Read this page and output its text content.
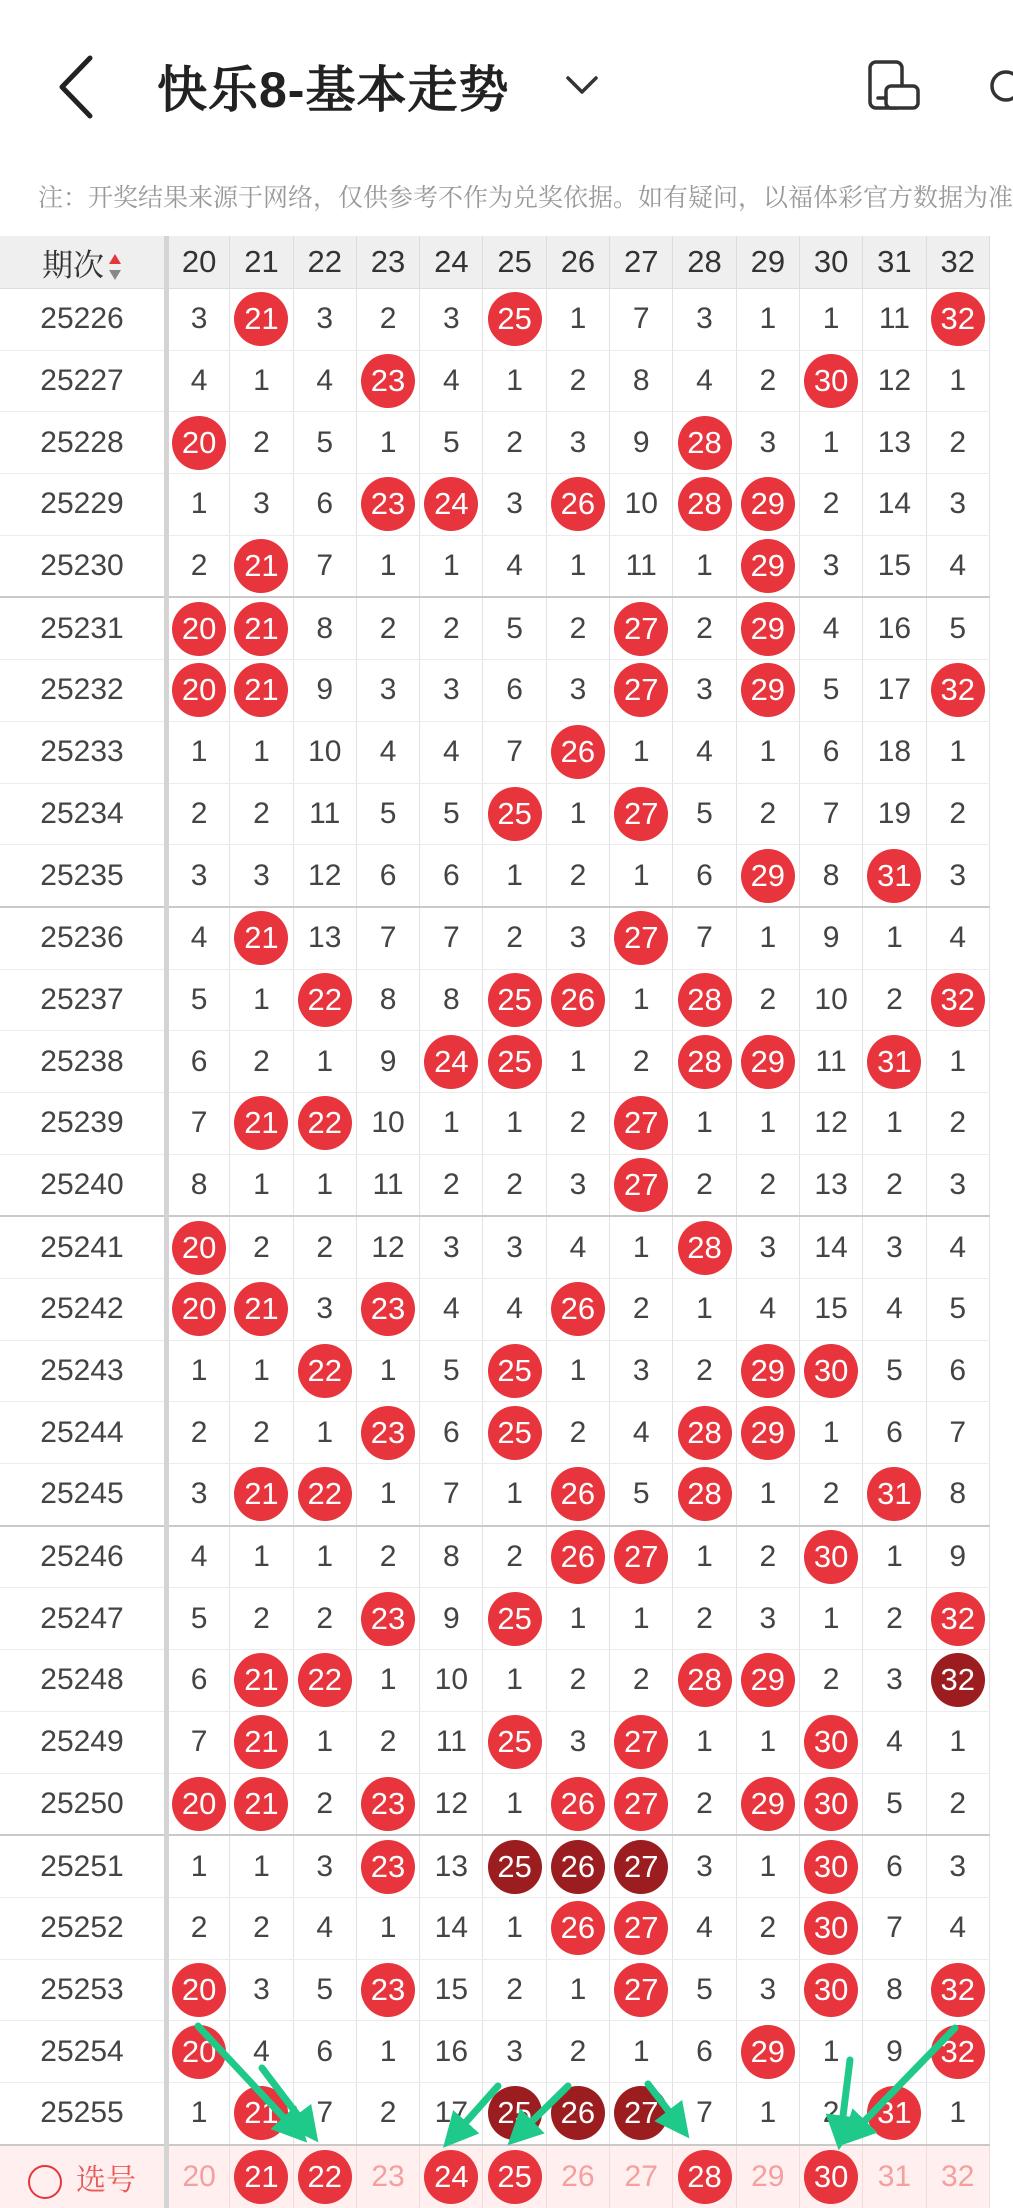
快乐8-基本走势
注：开奖结果来源于网络，仅供参考不作为兑奖依据。如有疑问，以福体彩官方数据为准
期次	20	21	22	23	24	25	26	27	28	29	30	31	32
25226	3	21	3	2	3	25	1	7	3	1	1	11	32
25227	4	1	4	23	4	1	2	8	4	2	30	12	1
25228	20	2	5	1	5	2	3	9	28	3	1	13	2
25229	1	3	6	23	24	3	26	10	28	29	2	14	3
25230	2	21	7	1	1	4	1	11	1	29	3	15	4
25231	20	21	8	2	2	5	2	27	2	29	4	16	5
25232	20	21	9	3	3	6	3	27	3	29	5	17	32
25233	1	1	10	4	4	7	26	1	4	1	6	18	1
25234	2	2	11	5	5	25	1	27	5	2	7	19	2
25235	3	3	12	6	6	1	2	1	6	29	8	31	3
25236	4	21	13	7	7	2	3	27	7	1	9	1	4
25237	5	1	22	8	8	25	26	1	28	2	10	2	32
25238	6	2	1	9	24	25	1	2	28	29	11	31	1
25239	7	21	22	10	1	1	2	27	1	1	12	1	2
25240	8	1	1	11	2	2	3	27	2	2	13	2	3
25241	20	2	2	12	3	3	4	1	28	3	14	3	4
25242	20	21	3	23	4	4	26	2	1	4	15	4	5
25243	1	1	22	1	5	25	1	3	2	29	30	5	6
25244	2	2	1	23	6	25	2	4	28	29	1	6	7
25245	3	21	22	1	7	1	26	5	28	1	2	31	8
25246	4	1	1	2	8	2	26	27	1	2	30	1	9
25247	5	2	2	23	9	25	1	1	2	3	1	2	32
25248	6	21	22	1	10	1	2	2	28	29	2	3	32
25249	7	21	1	2	11	25	3	27	1	1	30	4	1
25250	20	21	2	23	12	1	26	27	2	29	30	5	2
25251	1	1	3	23	13	25	26	27	3	1	30	6	3
25252	2	2	4	1	14	1	26	27	4	2	30	7	4
25253	20	3	5	23	15	2	1	27	5	3	30	8	32
25254	20	4	6	1	16	3	2	1	6	29	1	9	32
25255	1	21	7	2	17	25	26	27	7	1	2	31	1
选号	20	21	22	23	24	25	26	27	28	29	30	31	32
